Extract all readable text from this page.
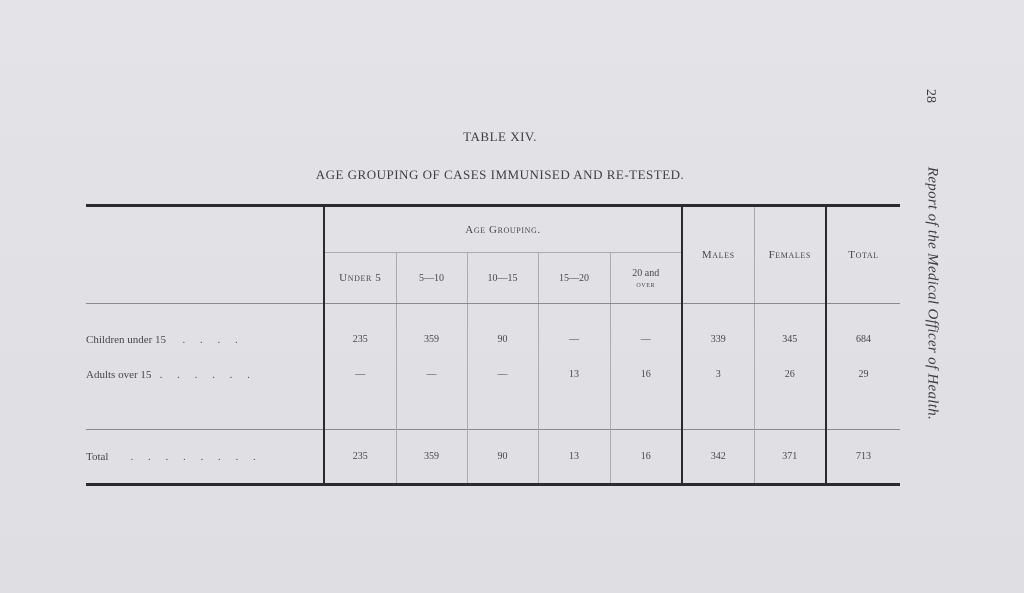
28
Report of the Medical Officer of Health.
TABLE XIV.
AGE GROUPING OF CASES IMMUNISED AND RE-TESTED.
	Age Grouping.					Males	Females	Total
	Under 5	5—10	10—15	15—20	20 and
over			

Children under 15 . . . .	235	359	90	—	—	339	345	684
Adults over 15 . . . . . .	—	—	—	13	16	3	26	29

Total . . . . . . . .	235	359	90	13	16	342	371	713
